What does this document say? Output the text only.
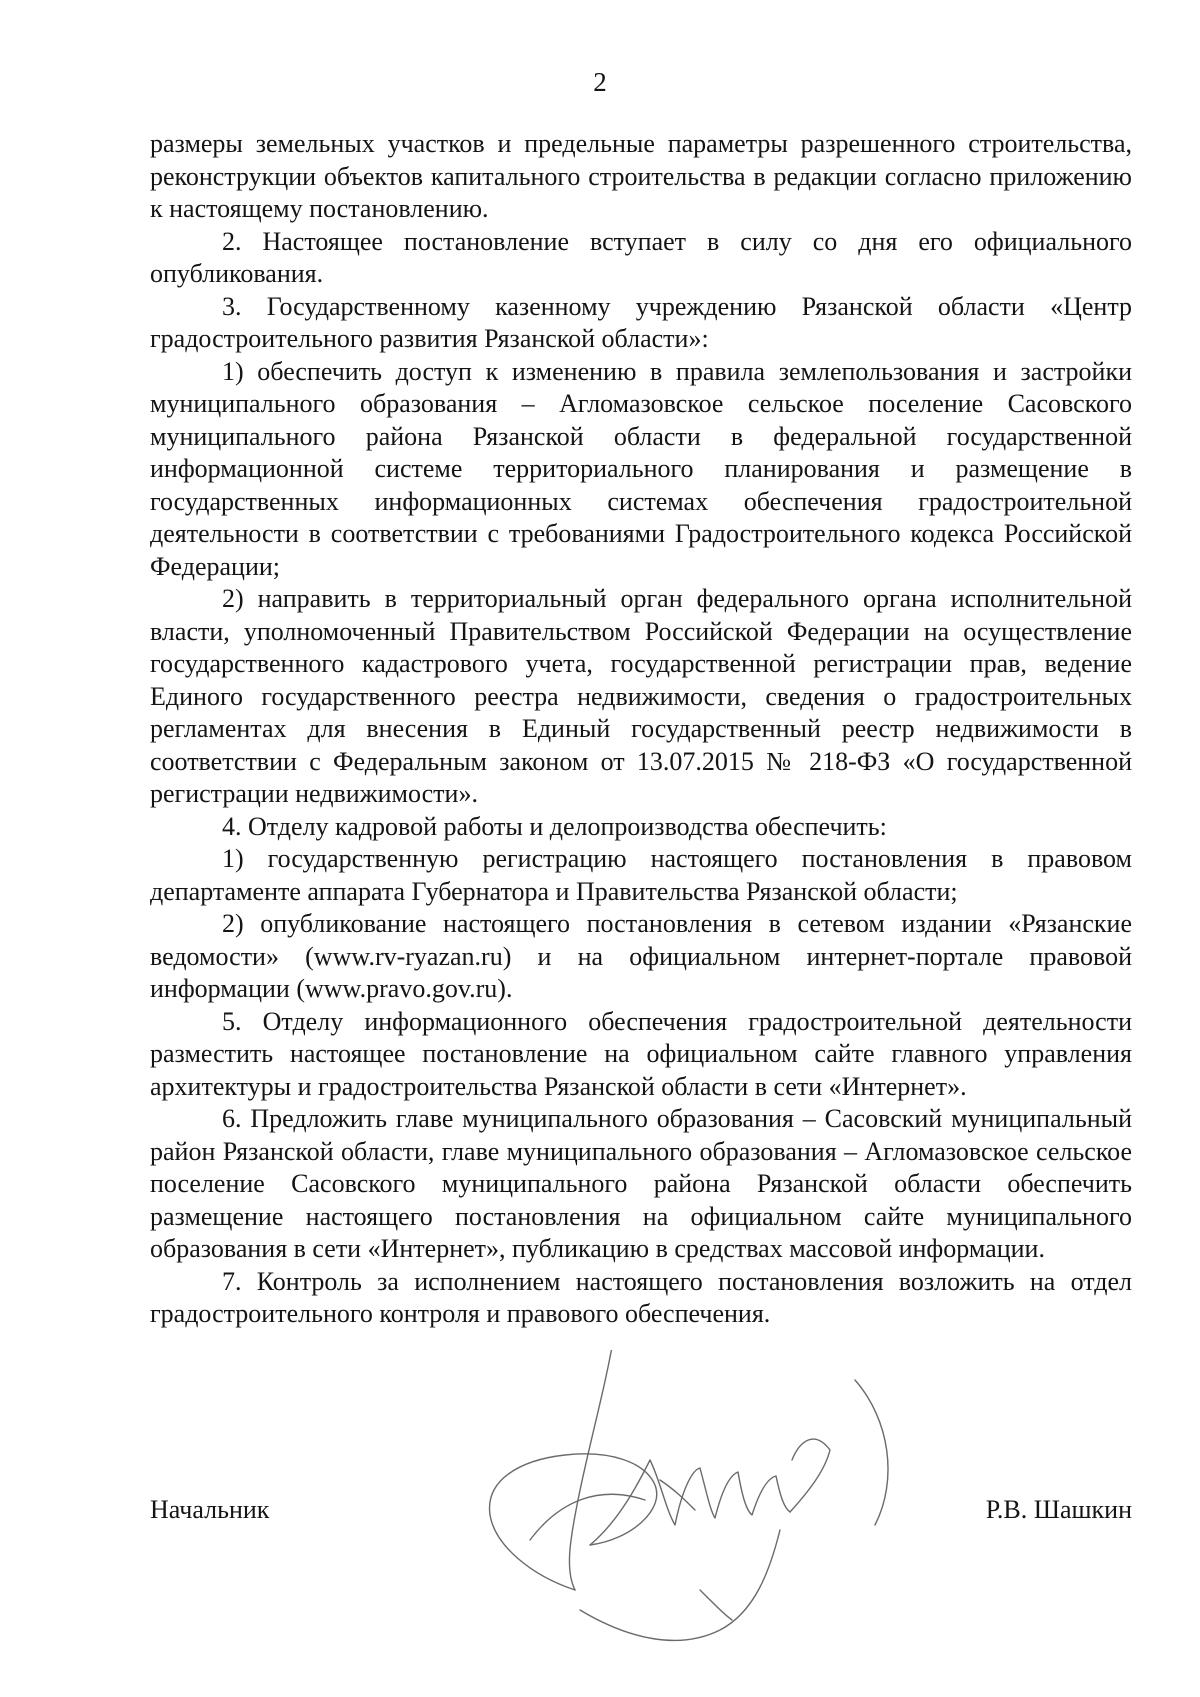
2

размеры земельных участков и предельные параметры разрешенного строительства, реконструкции объектов капитального строительства в редакции согласно приложению к настоящему постановлению.

2. Настоящее постановление вступает в силу со дня его официального опубликования.

3. Государственному казенному учреждению Рязанской области «Центр градостроительного развития Рязанской области»:

1) обеспечить доступ к изменению в правила землепользования и застройки муниципального образования – Агломазовское сельское поселение Сасовского муниципального района Рязанской области в федеральной государственной информационной системе территориального планирования и размещение в государственных информационных системах обеспечения градостроительной деятельности в соответствии с требованиями Градостроительного кодекса Российской Федерации;

2) направить в территориальный орган федерального органа исполнительной власти, уполномоченный Правительством Российской Федерации на осуществление государственного кадастрового учета, государственной регистрации прав, ведение Единого государственного реестра недвижимости, сведения о градостроительных регламентах для внесения в Единый государственный реестр недвижимости в соответствии с Федеральным законом от 13.07.2015 № 218-ФЗ «О государственной регистрации недвижимости».

4. Отделу кадровой работы и делопроизводства обеспечить:

1) государственную регистрацию настоящего постановления в правовом департаменте аппарата Губернатора и Правительства Рязанской области;

2) опубликование настоящего постановления в сетевом издании «Рязанские ведомости» (www.rv-ryazan.ru) и на официальном интернет-портале правовой информации (www.pravo.gov.ru).

5. Отделу информационного обеспечения градостроительной деятельности разместить настоящее постановление на официальном сайте главного управления архитектуры и градостроительства Рязанской области в сети «Интернет».

6. Предложить главе муниципального образования – Сасовский муниципальный район Рязанской области, главе муниципального образования – Агломазовское сельское поселение Сасовского муниципального района Рязанской области обеспечить размещение настоящего постановления на официальном сайте муниципального образования в сети «Интернет», публикацию в средствах массовой информации.

7. Контроль за исполнением настоящего постановления возложить на отдел градостроительного контроля и правового обеспечения.

Начальник	Р.В. Шашкин
